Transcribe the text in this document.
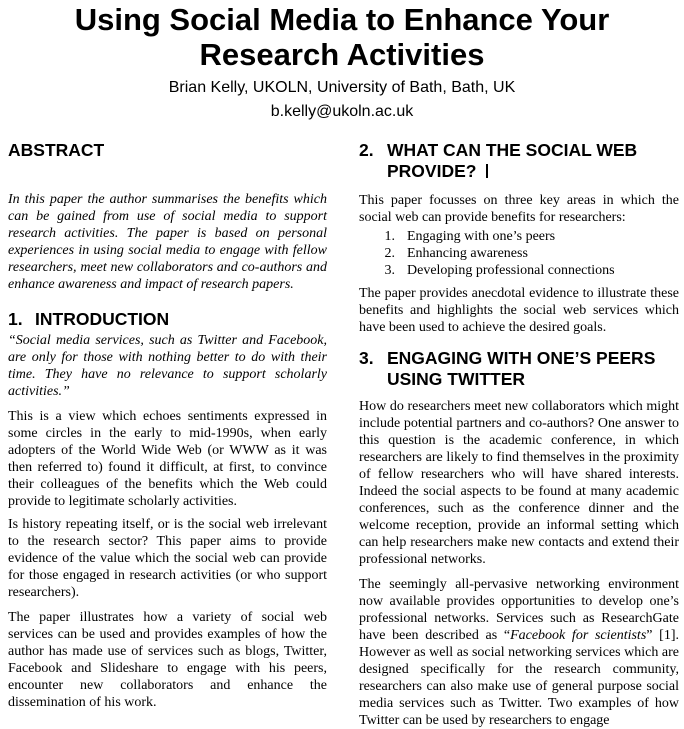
Using Social Media to Enhance Your
Research Activities
Brian Kelly, UKOLN, University of Bath, Bath, UK
b.kelly@ukoln.ac.uk
ABSTRACT

In this paper the author summarises the benefits which can be gained from use of social media to support research activities. The paper is based on personal experiences in using social media to engage with fellow researchers, meet new collaborators and co-authors and enhance awareness and impact of research papers.

1. INTRODUCTION

“Social media services, such as Twitter and Facebook, are only for those with nothing better to do with their time. They have no relevance to support scholarly activities.”

This is a view which echoes sentiments expressed in some circles in the early to mid-1990s, when early adopters of the World Wide Web (or WWW as it was then referred to) found it difficult, at first, to convince their colleagues of the benefits which the Web could provide to legitimate scholarly activities.

Is history repeating itself, or is the social web irrelevant to the research sector? This paper aims to provide evidence of the value which the social web can provide for those engaged in research activities (or who support researchers).

The paper illustrates how a variety of social web services can be used and provides examples of how the author has made use of services such as blogs, Twitter, Facebook and Slideshare to engage with his peers, encounter new collaborators and enhance the dissemination of his work.

2. WHAT CAN THE SOCIAL WEB PROVIDE?

This paper focusses on three key areas in which the social web can provide benefits for researchers:

1. Engaging with one’s peers
2. Enhancing awareness
3. Developing professional connections

The paper provides anecdotal evidence to illustrate these benefits and highlights the social web services which have been used to achieve the desired goals.

3. ENGAGING WITH ONE’S PEERS USING TWITTER

How do researchers meet new collaborators which might include potential partners and co-authors? One answer to this question is the academic conference, in which researchers are likely to find themselves in the proximity of fellow researchers who will have shared interests. Indeed the social aspects to be found at many academic conferences, such as the conference dinner and the welcome reception, provide an informal setting which can help researchers make new contacts and extend their professional networks.

The seemingly all-pervasive networking environment now available provides opportunities to develop one’s professional networks. Services such as ResearchGate have been described as “Facebook for scientists” [1]. However as well as social networking services which are designed specifically for the research community, researchers can also make use of general purpose social media services such as Twitter. Two examples of how Twitter can be used by researchers to engage
